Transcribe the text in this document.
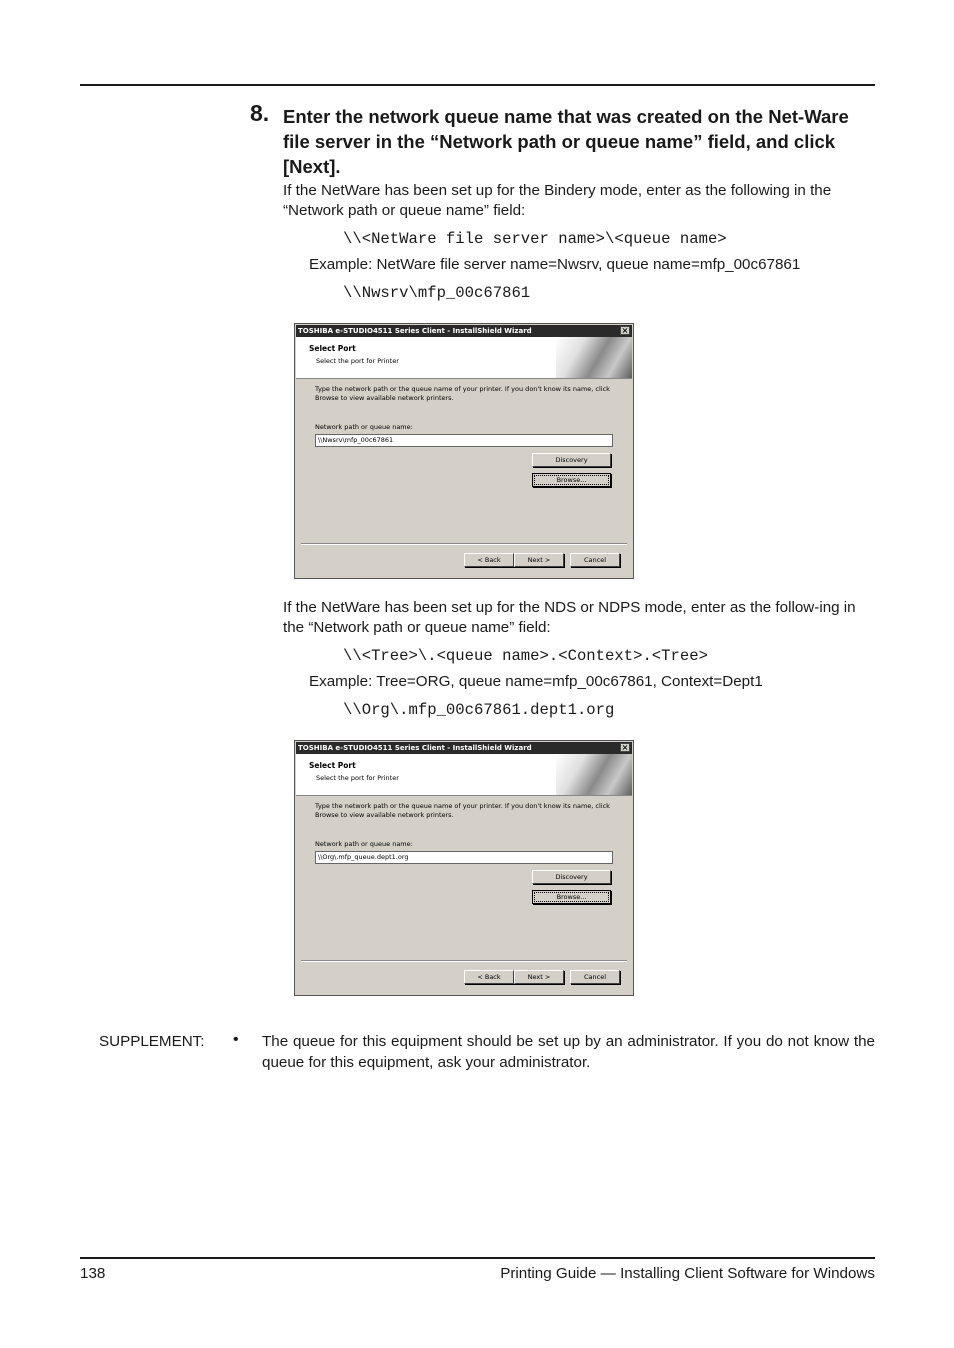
8. Enter the network queue name that was created on the Net-Ware file server in the “Network path or queue name” field, and click [Next].
If the NetWare has been set up for the Bindery mode, enter as the following in the “Network path or queue name” field:
\\<NetWare file server name>\<queue name>
Example: NetWare file server name=Nwsrv, queue name=mfp_00c67861
\\Nwsrv\mfp_00c67861
TOSHIBA e-STUDIO4511 Series Client - InstallShield Wizard	×
Select Port
Select the port for Printer
Type the network path or the queue name of your printer. If you don't know its name, click Browse to view available network printers.
Network path or queue name:
\\Nwsrv\mfp_00c67861
Discovery
Browse...
< Back	Next >	Cancel
If the NetWare has been set up for the NDS or NDPS mode, enter as the follow-ing in the “Network path or queue name” field:
\\<Tree>\.<queue name>.<Context>.<Tree>
Example: Tree=ORG, queue name=mfp_00c67861, Context=Dept1
\\Org\.mfp_00c67861.dept1.org
TOSHIBA e-STUDIO4511 Series Client - InstallShield Wizard	×
Select Port
Select the port for Printer
Type the network path or the queue name of your printer. If you don't know its name, click Browse to view available network printers.
Network path or queue name:
\\Org\.mfp_queue.dept1.org
Discovery
Browse...
< Back	Next >	Cancel
SUPPLEMENT: • The queue for this equipment should be set up by an administrator. If you do not know the queue for this equipment, ask your administrator.
138	Printing Guide — Installing Client Software for Windows
